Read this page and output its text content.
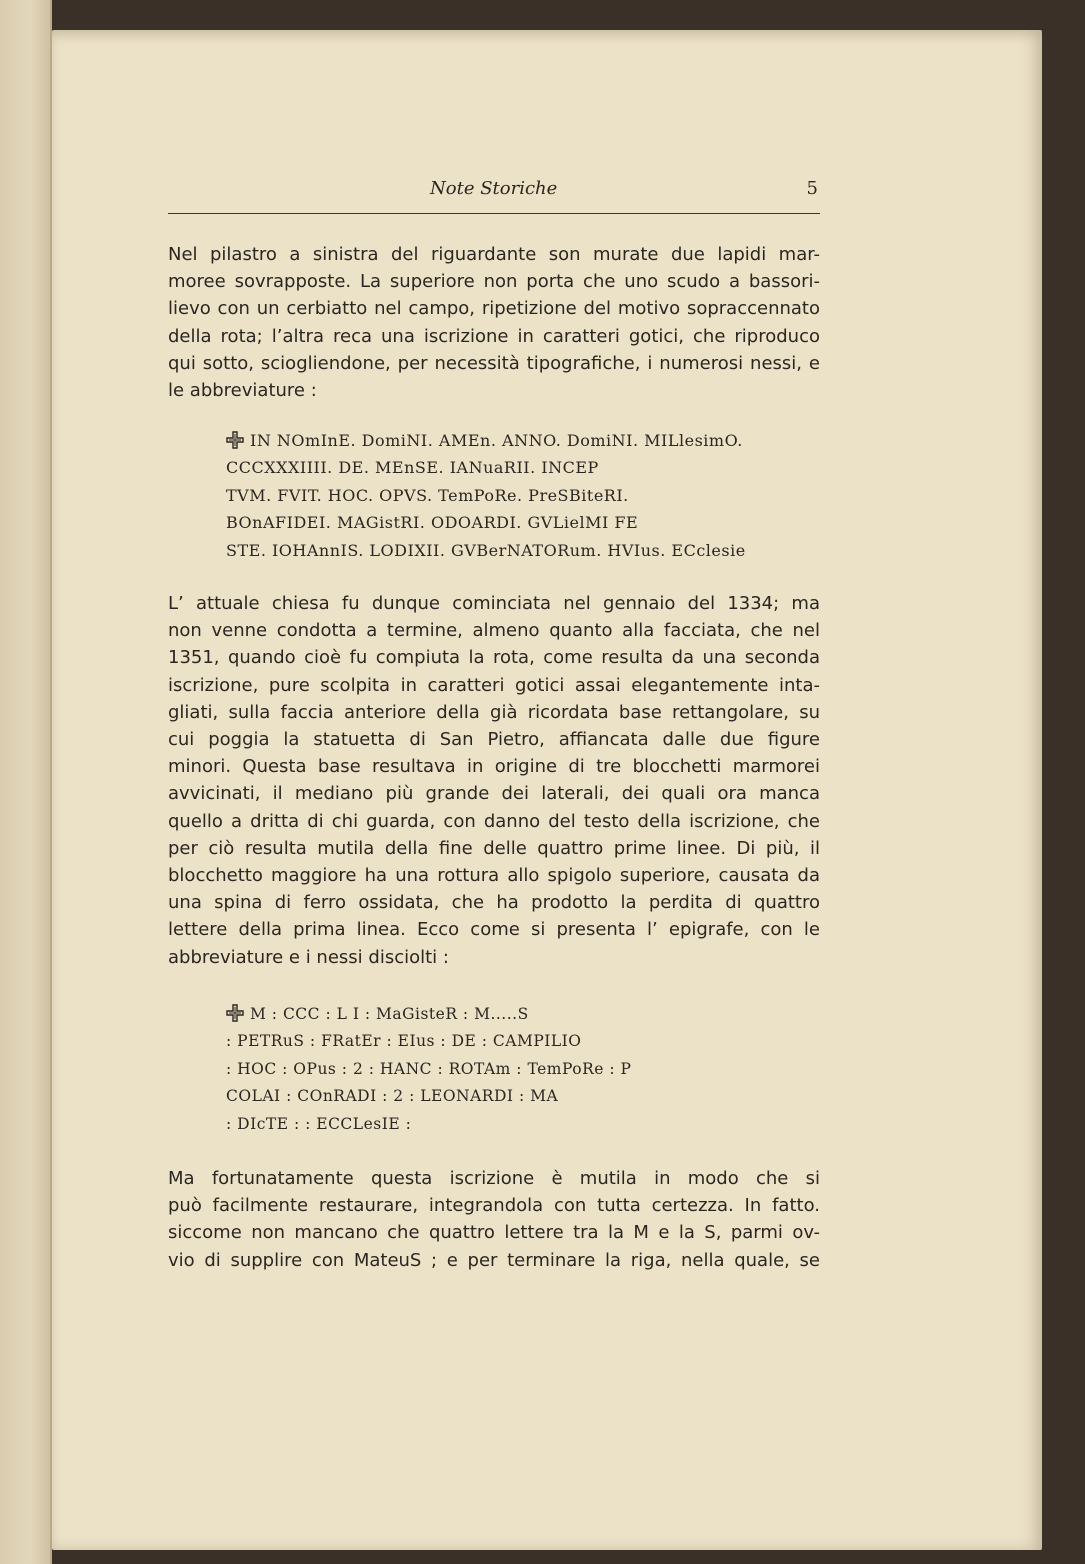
Note Storiche	5
Nel pilastro a sinistra del riguardante son murate due lapidi mar-
moree sovrapposte. La superiore non porta che uno scudo a bassori-
lievo con un cerbiatto nel campo, ripetizione del motivo sopraccennato
della rota; l’altra reca una iscrizione in caratteri gotici, che riproduco
qui sotto, sciogliendone, per necessità tipografiche, i numerosi nessi, e
le abbreviature :
IN NOmInE. DomiNI. AMEn. ANNO. DomiNI. MILlesimO.
CCCXXXIIII. DE. MEnSE. IANuaRII. INCEP
TVM. FVIT. HOC. OPVS. TemPoRe. PreSBiteRI.
BOnAFIDEI. MAGistRI. ODOARDI. GVLielMI FE
STE. IOHAnnIS. LODIXII. GVBerNATORum. HVIus. ECclesie
L’ attuale chiesa fu dunque cominciata nel gennaio del 1334; ma
non venne condotta a termine, almeno quanto alla facciata, che nel
1351, quando cioè fu compiuta la rota, come resulta da una seconda
iscrizione, pure scolpita in caratteri gotici assai elegantemente inta-
gliati, sulla faccia anteriore della già ricordata base rettangolare, su
cui poggia la statuetta di San Pietro, affiancata dalle due figure
minori. Questa base resultava in origine di tre blocchetti marmorei
avvicinati, il mediano più grande dei laterali, dei quali ora manca
quello a dritta di chi guarda, con danno del testo della iscrizione, che
per ciò resulta mutila della fine delle quattro prime linee. Di più, il
blocchetto maggiore ha una rottura allo spigolo superiore, causata da
una spina di ferro ossidata, che ha prodotto la perdita di quattro
lettere della prima linea. Ecco come si presenta l’ epigrafe, con le
abbreviature e i nessi disciolti :
M : CCC : L I : MaGisteR : M.....S
: PETRuS : FRatEr : EIus : DE : CAMPILIO
: HOC : OPus : 2 : HANC : ROTAm : TemPoRe : P
COLAI : COnRADI : 2 : LEONARDI : MA
: DIcTE : : ECCLesIE :
Ma fortunatamente questa iscrizione è mutila in modo che si
può facilmente restaurare, integrandola con tutta certezza. In fatto.
siccome non mancano che quattro lettere tra la M e la S, parmi ov-
vio di supplire con MateuS ; e per terminare la riga, nella quale, se
